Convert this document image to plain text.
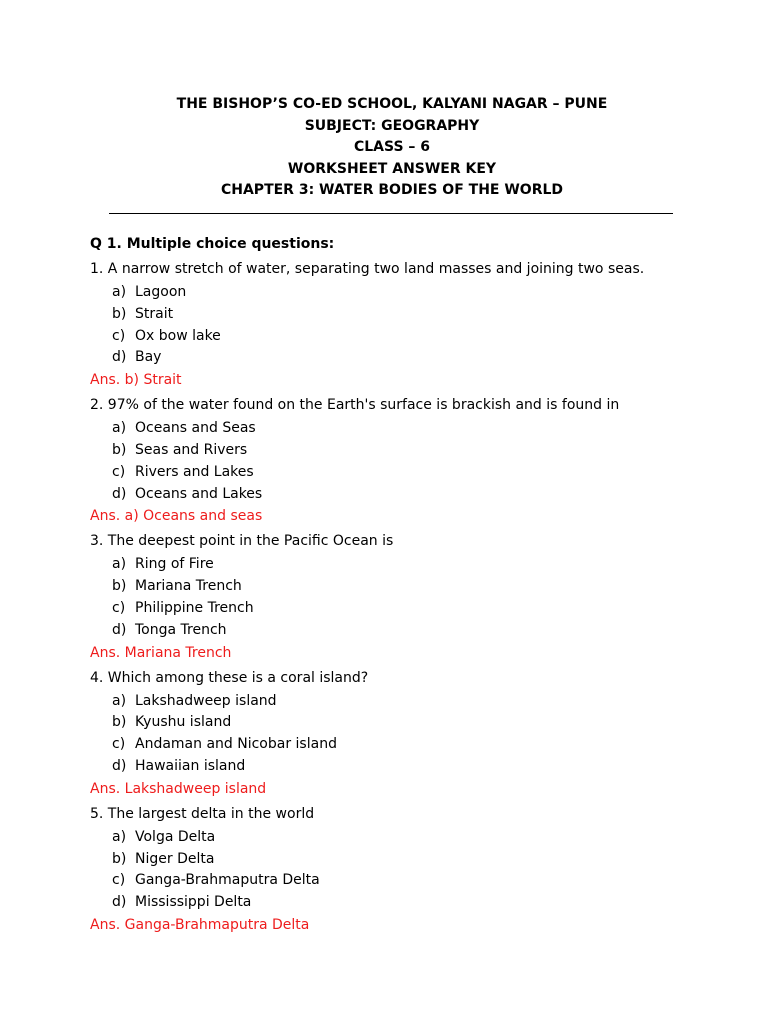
THE BISHOP’S CO-ED SCHOOL, KALYANI NAGAR – PUNE
SUBJECT: GEOGRAPHY
CLASS – 6
WORKSHEET ANSWER KEY
CHAPTER 3: WATER BODIES OF THE WORLD
Q 1. Multiple choice questions:
1. A narrow stretch of water, separating two land masses and joining two seas.
a) Lagoon
b) Strait
c) Ox bow lake
d) Bay
Ans. b) Strait
2. 97% of the water found on the Earth's surface is brackish and is found in
a) Oceans and Seas
b) Seas and Rivers
c) Rivers and Lakes
d) Oceans and Lakes
Ans. a) Oceans and seas
3. The deepest point in the Pacific Ocean is
a) Ring of Fire
b) Mariana Trench
c) Philippine Trench
d) Tonga Trench
Ans. Mariana Trench
4. Which among these is a coral island?
a) Lakshadweep island
b) Kyushu island
c) Andaman and Nicobar island
d) Hawaiian island
Ans. Lakshadweep island
5. The largest delta in the world
a) Volga Delta
b) Niger Delta
c) Ganga-Brahmaputra Delta
d) Mississippi Delta
Ans. Ganga-Brahmaputra Delta
